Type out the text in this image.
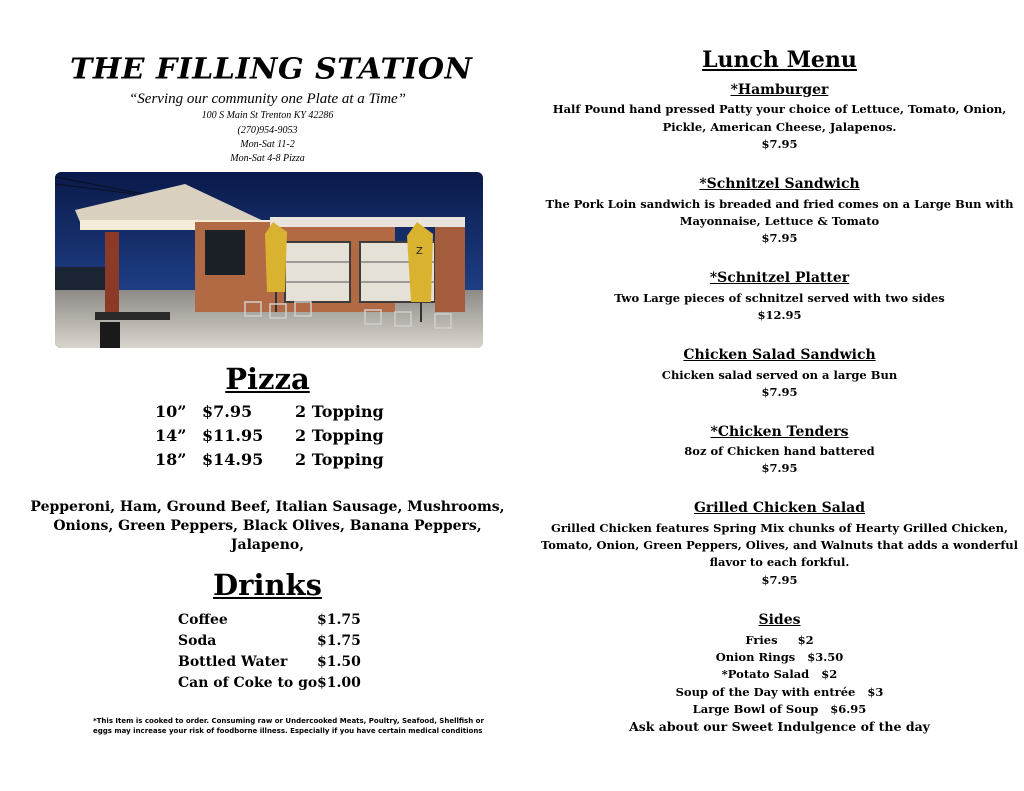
THE FILLING STATION
“Serving our community one Plate at a Time”
100 S Main St Trenton KY 42286
(270)954-9053
Mon-Sat 11-2
Mon-Sat 4-8 Pizza
Z
Pizza
10” $7.95	2 Topping
14” $11.95 2 Topping
18” $14.95 2 Topping
Pepperoni, Ham, Ground Beef, Italian Sausage, Mushrooms,
Onions, Green Peppers, Black Olives, Banana Peppers,
Jalapeno,
Drinks
Coffee	$1.75
Soda	$1.75
Bottled Water $1.50
Can of Coke to go $1.00
*This Item is cooked to order. Consuming raw or Undercooked Meats, Poultry, Seafood, Shellfish or eggs may increase your risk of foodborne illness. Especially if you have certain medical conditions
Lunch Menu
*Hamburger
Half Pound hand pressed Patty your choice of Lettuce, Tomato, Onion,
Pickle, American Cheese, Jalapenos.
$7.95
*Schnitzel Sandwich
The Pork Loin sandwich is breaded and fried comes on a Large Bun with
Mayonnaise, Lettuce & Tomato
$7.95
*Schnitzel Platter
Two Large pieces of schnitzel served with two sides
$12.95
Chicken Salad Sandwich
Chicken salad served on a large Bun
$7.95
*Chicken Tenders
8oz of Chicken hand battered
$7.95
Grilled Chicken Salad
Grilled Chicken features Spring Mix chunks of Hearty Grilled Chicken,
Tomato, Onion, Green Peppers, Olives, and Walnuts that adds a wonderful
flavor to each forkful.
$7.95
Sides
Fries     $2
Onion Rings   $3.50
*Potato Salad   $2
Soup of the Day with entrée   $3
Large Bowl of Soup   $6.95
Ask about our Sweet Indulgence of the day
